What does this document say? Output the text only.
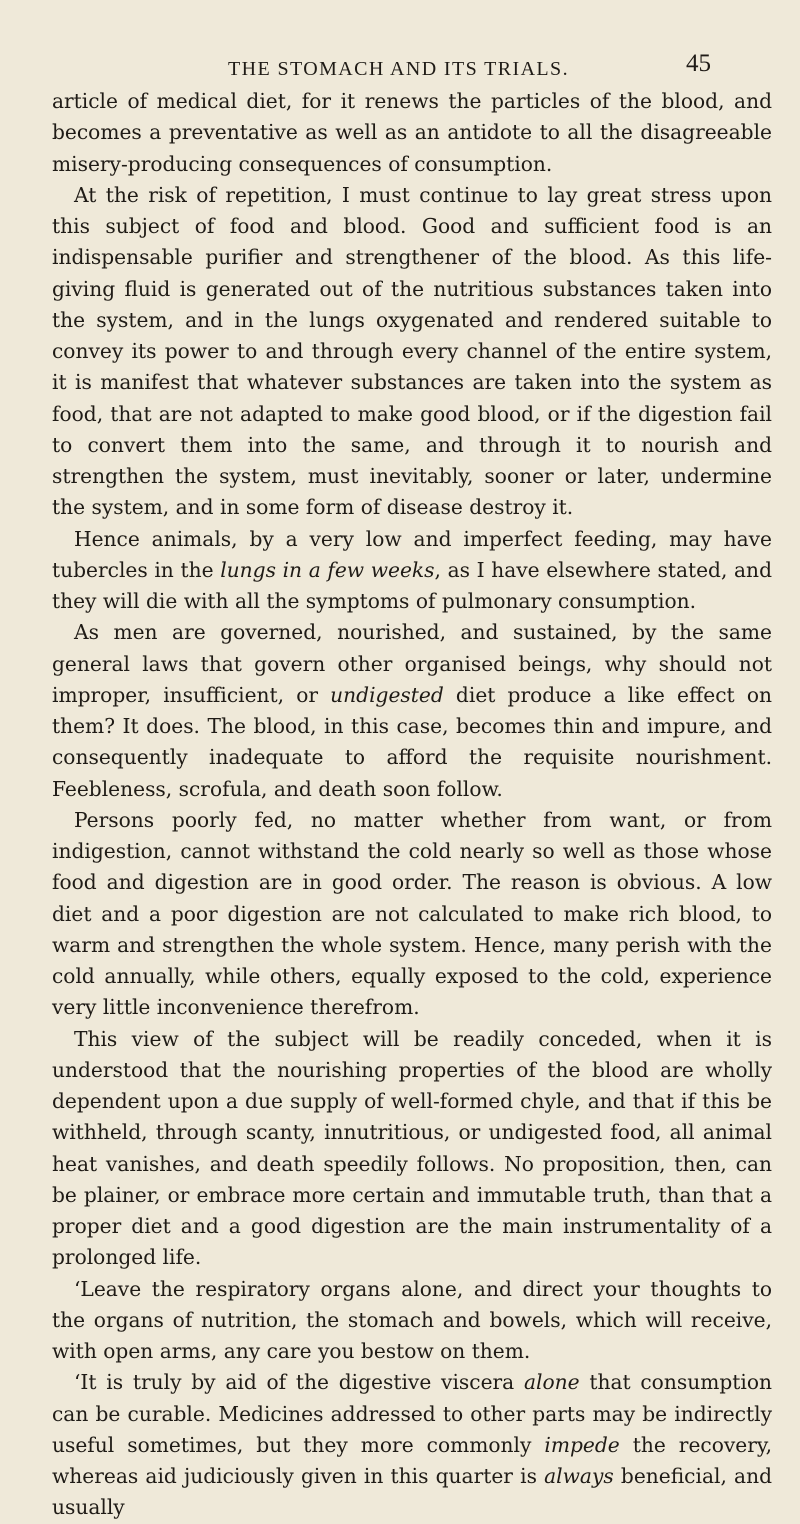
THE STOMACH AND ITS TRIALS.	45

article of medical diet, for it renews the particles of the blood, and becomes a preventative as well as an antidote to all the disagreeable misery-producing consequences of consumption.

At the risk of repetition, I must continue to lay great stress upon this subject of food and blood. Good and sufficient food is an indispensable purifier and strengthener of the blood. As this life-giving fluid is generated out of the nutritious substances taken into the system, and in the lungs oxygenated and rendered suitable to convey its power to and through every channel of the entire system, it is manifest that whatever substances are taken into the system as food, that are not adapted to make good blood, or if the digestion fail to convert them into the same, and through it to nourish and strengthen the system, must inevitably, sooner or later, undermine the system, and in some form of disease destroy it.

Hence animals, by a very low and imperfect feeding, may have tubercles in the lungs in a few weeks, as I have elsewhere stated, and they will die with all the symptoms of pulmonary consumption.

As men are governed, nourished, and sustained, by the same general laws that govern other organised beings, why should not improper, insufficient, or undigested diet produce a like effect on them? It does. The blood, in this case, becomes thin and impure, and consequently inadequate to afford the requisite nourishment. Feebleness, scrofula, and death soon follow.

Persons poorly fed, no matter whether from want, or from indigestion, cannot withstand the cold nearly so well as those whose food and digestion are in good order. The reason is obvious. A low diet and a poor digestion are not calculated to make rich blood, to warm and strengthen the whole system. Hence, many perish with the cold annually, while others, equally exposed to the cold, experience very little inconvenience therefrom.

This view of the subject will be readily conceded, when it is understood that the nourishing properties of the blood are wholly dependent upon a due supply of well-formed chyle, and that if this be withheld, through scanty, innutritious, or undigested food, all animal heat vanishes, and death speedily follows. No proposition, then, can be plainer, or embrace more certain and immutable truth, than that a proper diet and a good digestion are the main instrumentality of a prolonged life.

‘Leave the respiratory organs alone, and direct your thoughts to the organs of nutrition, the stomach and bowels, which will receive, with open arms, any care you bestow on them.

‘It is truly by aid of the digestive viscera alone that consumption can be curable. Medicines addressed to other parts may be indirectly useful sometimes, but they more commonly impede the recovery, whereas aid judiciously given in this quarter is always beneficial, and usually
